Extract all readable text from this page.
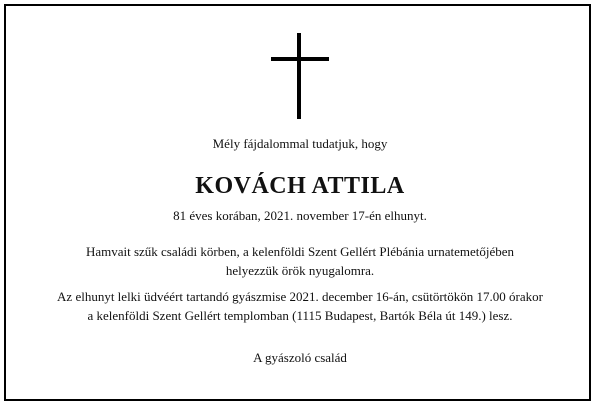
Mély fájdalommal tudatjuk, hogy
KOVÁCH ATTILA
81 éves korában, 2021. november 17-én elhunyt.
Hamvait szűk családi körben, a kelenföldi Szent Gellért Plébánia urnatemetőjében
helyezzük örök nyugalomra.
Az elhunyt lelki üdvéért tartandó gyászmise 2021. december 16-án, csütörtökön 17.00 órakor
a kelenföldi Szent Gellért templomban (1115 Budapest, Bartók Béla út 149.) lesz.
A gyászoló család
